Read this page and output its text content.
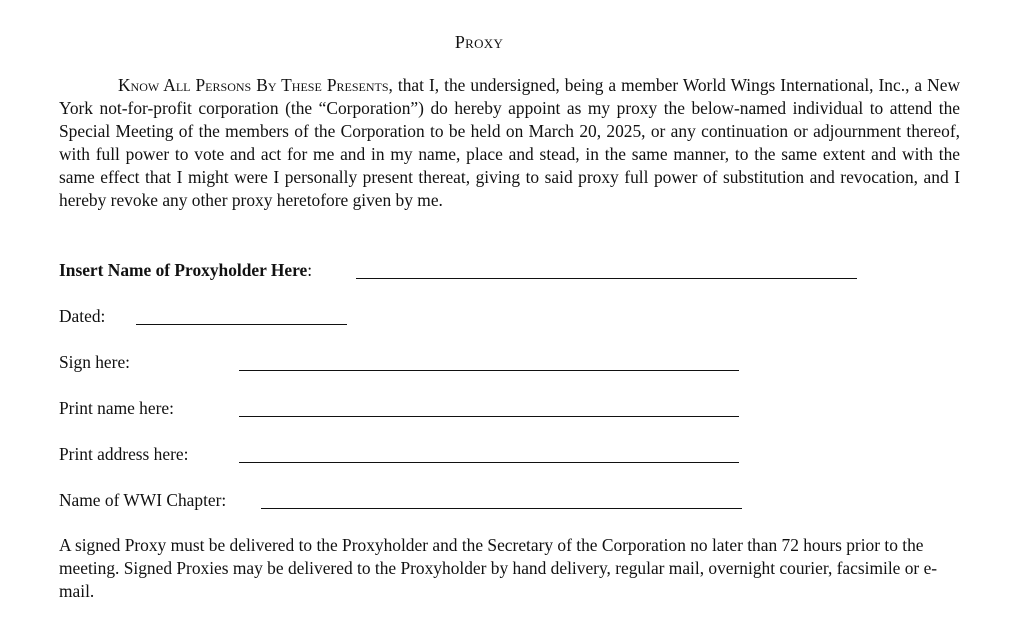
Proxy

Know All Persons By These Presents, that I, the undersigned, being a member World Wings International, Inc., a New York not-for-profit corporation (the “Corporation”) do hereby appoint as my proxy the below-named individual to attend the Special Meeting of the members of the Corporation to be held on March 20, 2025, or any continuation or adjournment thereof, with full power to vote and act for me and in my name, place and stead, in the same manner, to the same extent and with the same effect that I might were I personally present thereat, giving to said proxy full power of substitution and revocation, and I hereby revoke any other proxy heretofore given by me.

Insert Name of Proxyholder Here:
Dated:
Sign here:
Print name here:
Print address here:
Name of WWI Chapter:

A signed Proxy must be delivered to the Proxyholder and the Secretary of the Corporation no later than 72 hours prior to the meeting. Signed Proxies may be delivered to the Proxyholder by hand delivery, regular mail, overnight courier, facsimile or e-mail.
